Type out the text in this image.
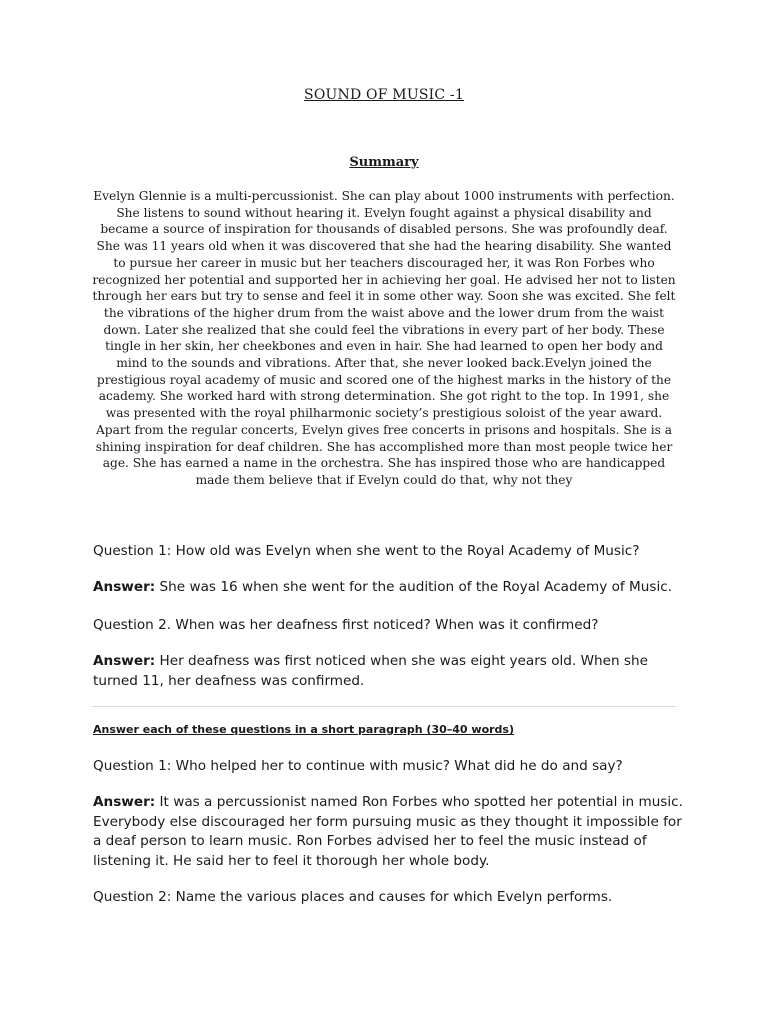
SOUND OF MUSIC -1
Summary

Evelyn Glennie is a multi-percussionist. She can play about 1000 instruments with perfection. She listens to sound without hearing it. Evelyn fought against a physical disability and became a source of inspiration for thousands of disabled persons. She was profoundly deaf. She was 11 years old when it was discovered that she had the hearing disability. She wanted to pursue her career in music but her teachers discouraged her, it was Ron Forbes who recognized her potential and supported her in achieving her goal. He advised her not to listen through her ears but try to sense and feel it in some other way. Soon she was excited. She felt the vibrations of the higher drum from the waist above and the lower drum from the waist down. Later she realized that she could feel the vibrations in every part of her body. These tingle in her skin, her cheekbones and even in hair. She had learned to open her body and mind to the sounds and vibrations. After that, she never looked back.Evelyn joined the prestigious royal academy of music and scored one of the highest marks in the history of the academy. She worked hard with strong determination. She got right to the top. In 1991, she was presented with the royal philharmonic society’s prestigious soloist of the year award. Apart from the regular concerts, Evelyn gives free concerts in prisons and hospitals. She is a shining inspiration for deaf children. She has accomplished more than most people twice her age. She has earned a name in the orchestra. She has inspired those who are handicapped made them believe that if Evelyn could do that, why not they

Question 1: How old was Evelyn when she went to the Royal Academy of Music?

Answer: She was 16 when she went for the audition of the Royal Academy of Music.

Question 2. When was her deafness first noticed? When was it confirmed?

Answer: Her deafness was first noticed when she was eight years old. When she turned 11, her deafness was confirmed.

Answer each of these questions in a short paragraph (30–40 words)

Question 1: Who helped her to continue with music? What did he do and say?

Answer: It was a percussionist named Ron Forbes who spotted her potential in music. Everybody else discouraged her form pursuing music as they thought it impossible for a deaf person to learn music. Ron Forbes advised her to feel the music instead of listening it. He said her to feel it thorough her whole body.

Question 2: Name the various places and causes for which Evelyn performs.
